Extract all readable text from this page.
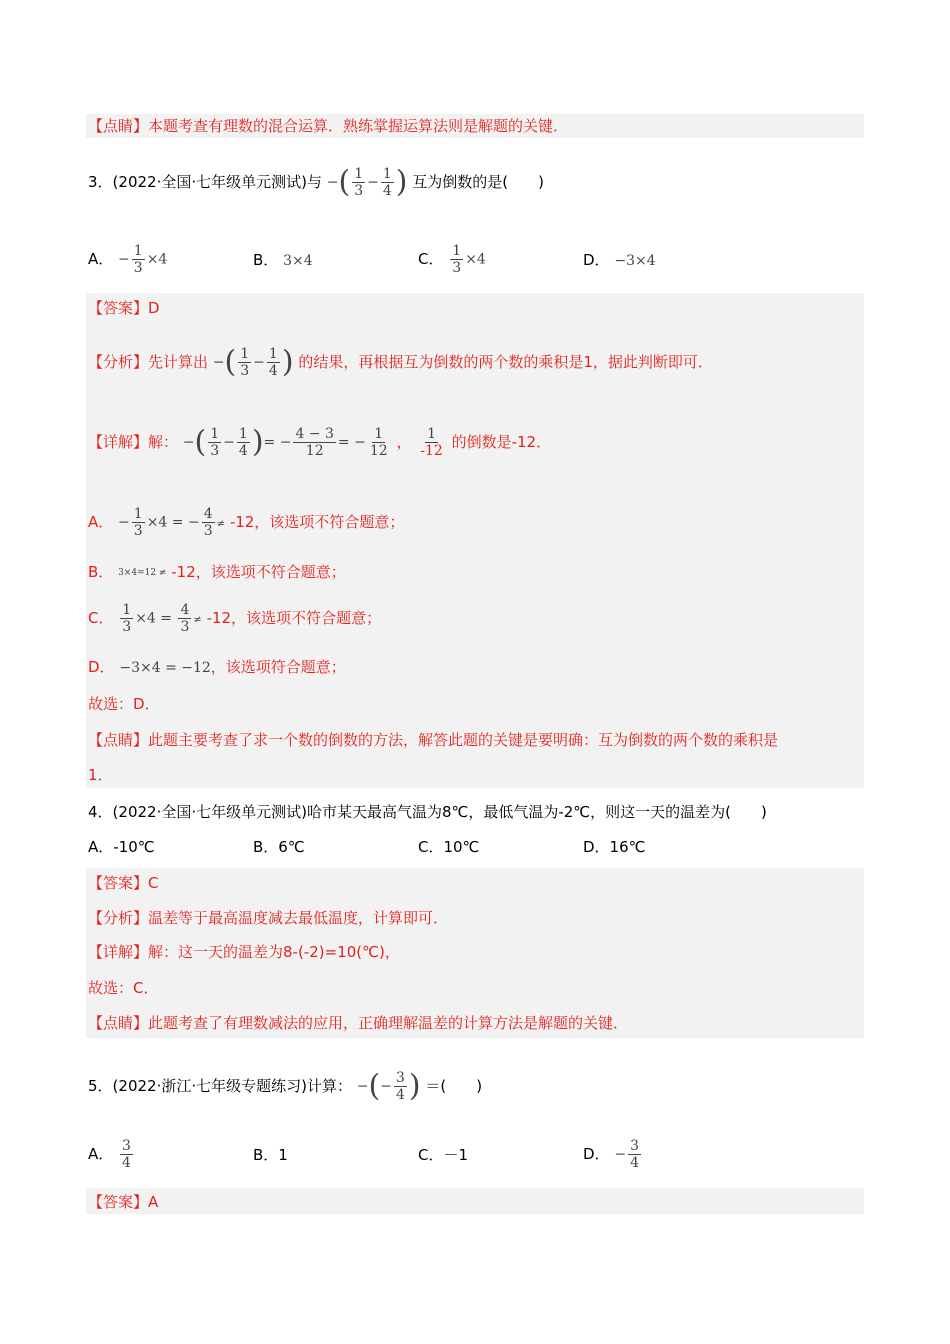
【点睛】本题考查有理数的混合运算．熟练掌握运算法则是解题的关键．
3．(2022·全国·七年级单元测试)与 −( $\frac{1}{3} - \frac{1}{4}$ ) 互为倒数的是(　　)
A． − $\frac{1}{3} \times 4$	B． 3×4	C． $\frac{1}{3} \times 4$	D． −3×4
【答案】D
【分析】先计算出 −( $\frac{1}{3} - \frac{1}{4}$ ) 的结果，再根据互为倒数的两个数的乘积是1，据此判断即可．
【详解】解： −( $\frac{1}{3} - \frac{1}{4}$ )= − $\frac{4 - 3}{12}$ = − $\frac{1}{12}$ ， $\frac{1}{-12}$ 的倒数是-12．
A． − $\frac{1}{3} \times 4$ = − $\frac{4}{3} \ne -12$，该选项不符合题意；
B． 3×4=12 ≠ -12，该选项不符合题意；
C． $\frac{1}{3} \times 4 = \frac{4}{3} \ne -12$，该选项不符合题意；
D． −3×4 = −12，该选项符合题意；
故选：D．
【点睛】此题主要考查了求一个数的倒数的方法，解答此题的关键是要明确：互为倒数的两个数的乘积是
1．
4．(2022·全国·七年级单元测试)哈市某天最高气温为8℃，最低气温为-2℃，则这一天的温差为(　　)
A．-10℃	B．6℃	C．10℃	D．16℃
【答案】C
【分析】温差等于最高温度减去最低温度，计算即可．
【详解】解：这一天的温差为8-(-2)=10(℃)，
故选：C．
【点睛】此题考查了有理数减法的应用，正确理解温差的计算方法是解题的关键．
5．(2022·浙江·七年级专题练习)计算： −(− $\frac{3}{4}$ ) ＝(　　)
A． $\frac{3}{4}$	B．1	C．－1	D． − $\frac{3}{4}$
【答案】A
